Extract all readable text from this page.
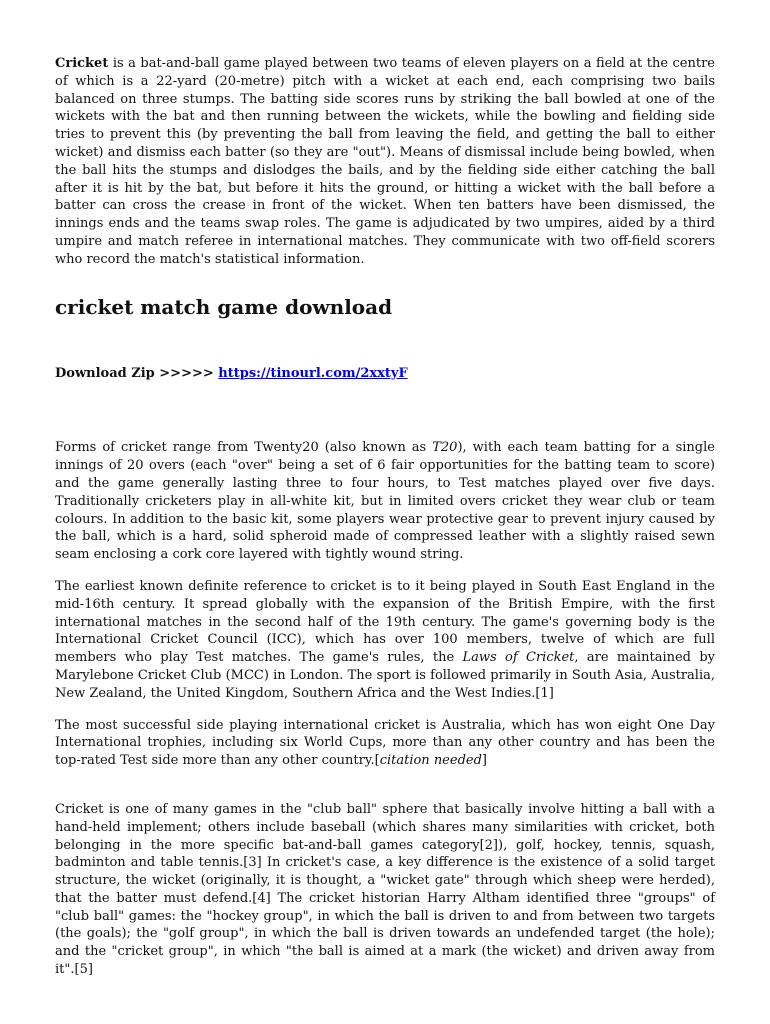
Cricket is a bat-and-ball game played between two teams of eleven players on a field at the centre of which is a 22-yard (20-metre) pitch with a wicket at each end, each comprising two bails balanced on three stumps. The batting side scores runs by striking the ball bowled at one of the wickets with the bat and then running between the wickets, while the bowling and fielding side tries to prevent this (by preventing the ball from leaving the field, and getting the ball to either wicket) and dismiss each batter (so they are "out"). Means of dismissal include being bowled, when the ball hits the stumps and dislodges the bails, and by the fielding side either catching the ball after it is hit by the bat, but before it hits the ground, or hitting a wicket with the ball before a batter can cross the crease in front of the wicket. When ten batters have been dismissed, the innings ends and the teams swap roles. The game is adjudicated by two umpires, aided by a third umpire and match referee in international matches. They communicate with two off-field scorers who record the match's statistical information.

cricket match game download

Download Zip >>>>> https://tinourl.com/2xxtyF

Forms of cricket range from Twenty20 (also known as T20), with each team batting for a single innings of 20 overs (each "over" being a set of 6 fair opportunities for the batting team to score) and the game generally lasting three to four hours, to Test matches played over five days. Traditionally cricketers play in all-white kit, but in limited overs cricket they wear club or team colours. In addition to the basic kit, some players wear protective gear to prevent injury caused by the ball, which is a hard, solid spheroid made of compressed leather with a slightly raised sewn seam enclosing a cork core layered with tightly wound string.

The earliest known definite reference to cricket is to it being played in South East England in the mid-16th century. It spread globally with the expansion of the British Empire, with the first international matches in the second half of the 19th century. The game's governing body is the International Cricket Council (ICC), which has over 100 members, twelve of which are full members who play Test matches. The game's rules, the Laws of Cricket, are maintained by Marylebone Cricket Club (MCC) in London. The sport is followed primarily in South Asia, Australia, New Zealand, the United Kingdom, Southern Africa and the West Indies.[1]

The most successful side playing international cricket is Australia, which has won eight One Day International trophies, including six World Cups, more than any other country and has been the top-rated Test side more than any other country.[citation needed]

Cricket is one of many games in the "club ball" sphere that basically involve hitting a ball with a hand-held implement; others include baseball (which shares many similarities with cricket, both belonging in the more specific bat-and-ball games category[2]), golf, hockey, tennis, squash, badminton and table tennis.[3] In cricket's case, a key difference is the existence of a solid target structure, the wicket (originally, it is thought, a "wicket gate" through which sheep were herded), that the batter must defend.[4] The cricket historian Harry Altham identified three "groups" of "club ball" games: the "hockey group", in which the ball is driven to and from between two targets (the goals); the "golf group", in which the ball is driven towards an undefended target (the hole); and the "cricket group", in which "the ball is aimed at a mark (the wicket) and driven away from it".[5]
